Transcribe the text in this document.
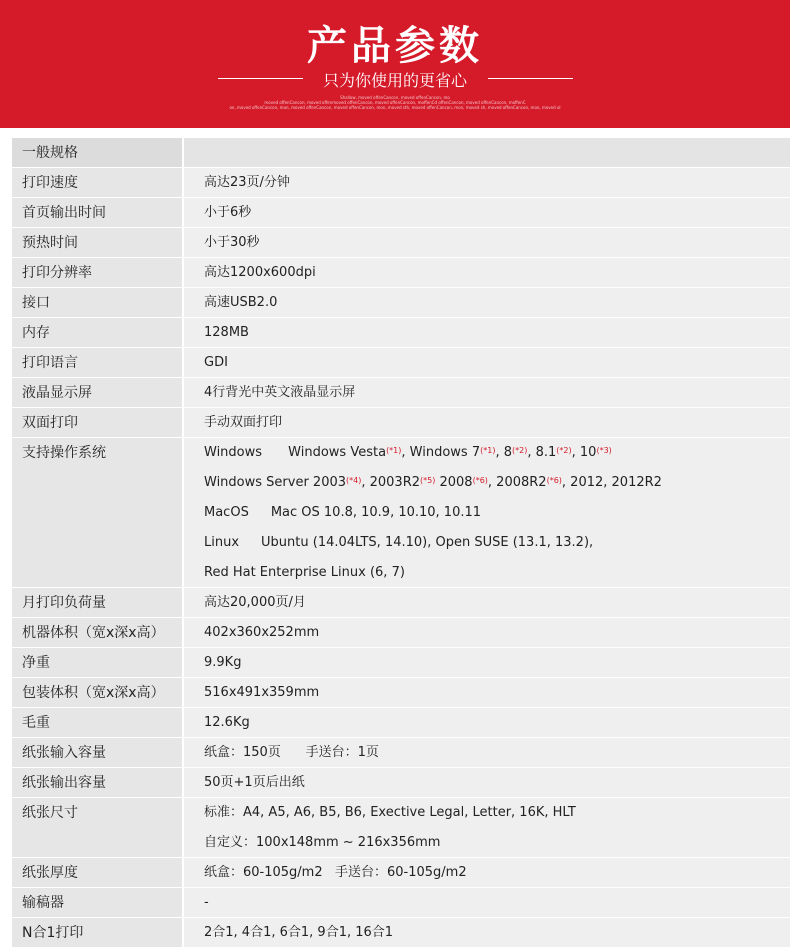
产品参数
只为你使用的更省心
Shallow, moved offenCancon, moved offenCancon, mo
moved offenCancon, moved offenmoved offenCancon, moved offenCancon, moffenCd offenCancon, moved offenCancon, moffenC
on, moved offenCancon, mon, moved offenCancon, moved offenCancon, mon, moved sth, moved offenCancon, mon, moved sh, moved offenCancon, mon, moved ol
一般规格
打印速度	高达23页/分钟
首页输出时间	小于6秒
预热时间	小于30秒
打印分辨率	高达1200x600dpi
接口	高速USB2.0
内存	128MB
打印语言	GDI
液晶显示屏	4行背光中英文液晶显示屏
双面打印	手动双面打印
支持操作系统	Windows Windows Vesta$^{(*1)}$, Windows $7^{(*1)}$, $8^{(*2)}$, $8.1^{(*2)}$, $10^{(*3)}$
Windows Server $2003^{(*4)}$, $2003R2^{(*5)}$ $2008^{(*6)}$, $2008R2^{(*6)}$, 2012, 2012R2
MacOS Mac OS 10.8, 10.9, 10.10, 10.11
Linux Ubuntu (14.04LTS, 14.10), Open SUSE (13.1, 13.2),
Red Hat Enterprise Linux (6, 7)
月打印负荷量	高达20,000页/月
机器体积（宽x深x高）	402x360x252mm
净重	9.9Kg
包装体积（宽x深x高）	516x491x359mm
毛重	12.6Kg
纸张输入容量	纸盒：150页      手送台：1页
纸张输出容量	50页+1页后出纸
纸张尺寸	标准：A4, A5, A6, B5, B6, Exective Legal, Letter, 16K, HLT
自定义：100x148mm ~ 216x356mm
纸张厚度	纸盒：60-105g/m2   手送台：60-105g/m2
输稿器	-
N合1打印	2合1, 4合1, 6合1, 9合1, 16合1
